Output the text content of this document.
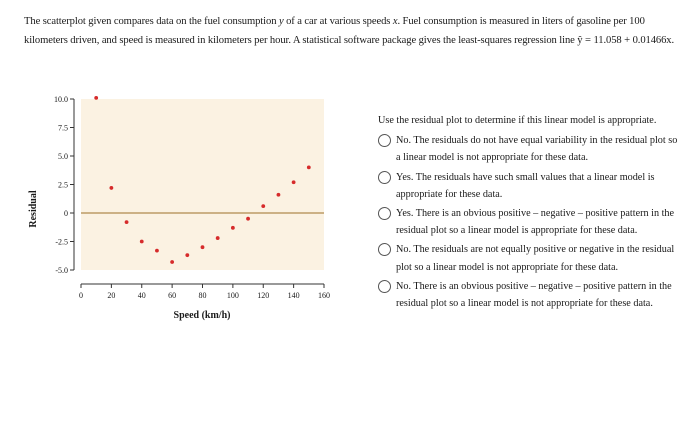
The scatterplot given compares data on the fuel consumption y of a car at various speeds x. Fuel consumption is measured in liters of gasoline per 100 kilometers driven, and speed is measured in kilometers per hour. A statistical software package gives the least-squares regression line ŷ = 11.058 + 0.01466x.
0	20	40	60	80	100 120 140 160
-5.0
-2.5
0
2.5
5.0
7.5
10.0
Speed (km/h)
Residual
Use the residual plot to determine if this linear model is appropriate.
No. The residuals do not have equal variability in the residual plot so a linear model is not appropriate for these data.
Yes. The residuals have such small values that a linear model is appropriate for these data.
Yes. There is an obvious positive – negative – positive pattern in the residual plot so a linear model is appropriate for these data.
No. The residuals are not equally positive or negative in the residual plot so a linear model is not appropriate for these data.
No. There is an obvious positive – negative – positive pattern in the residual plot so a linear model is not appropriate for these data.
